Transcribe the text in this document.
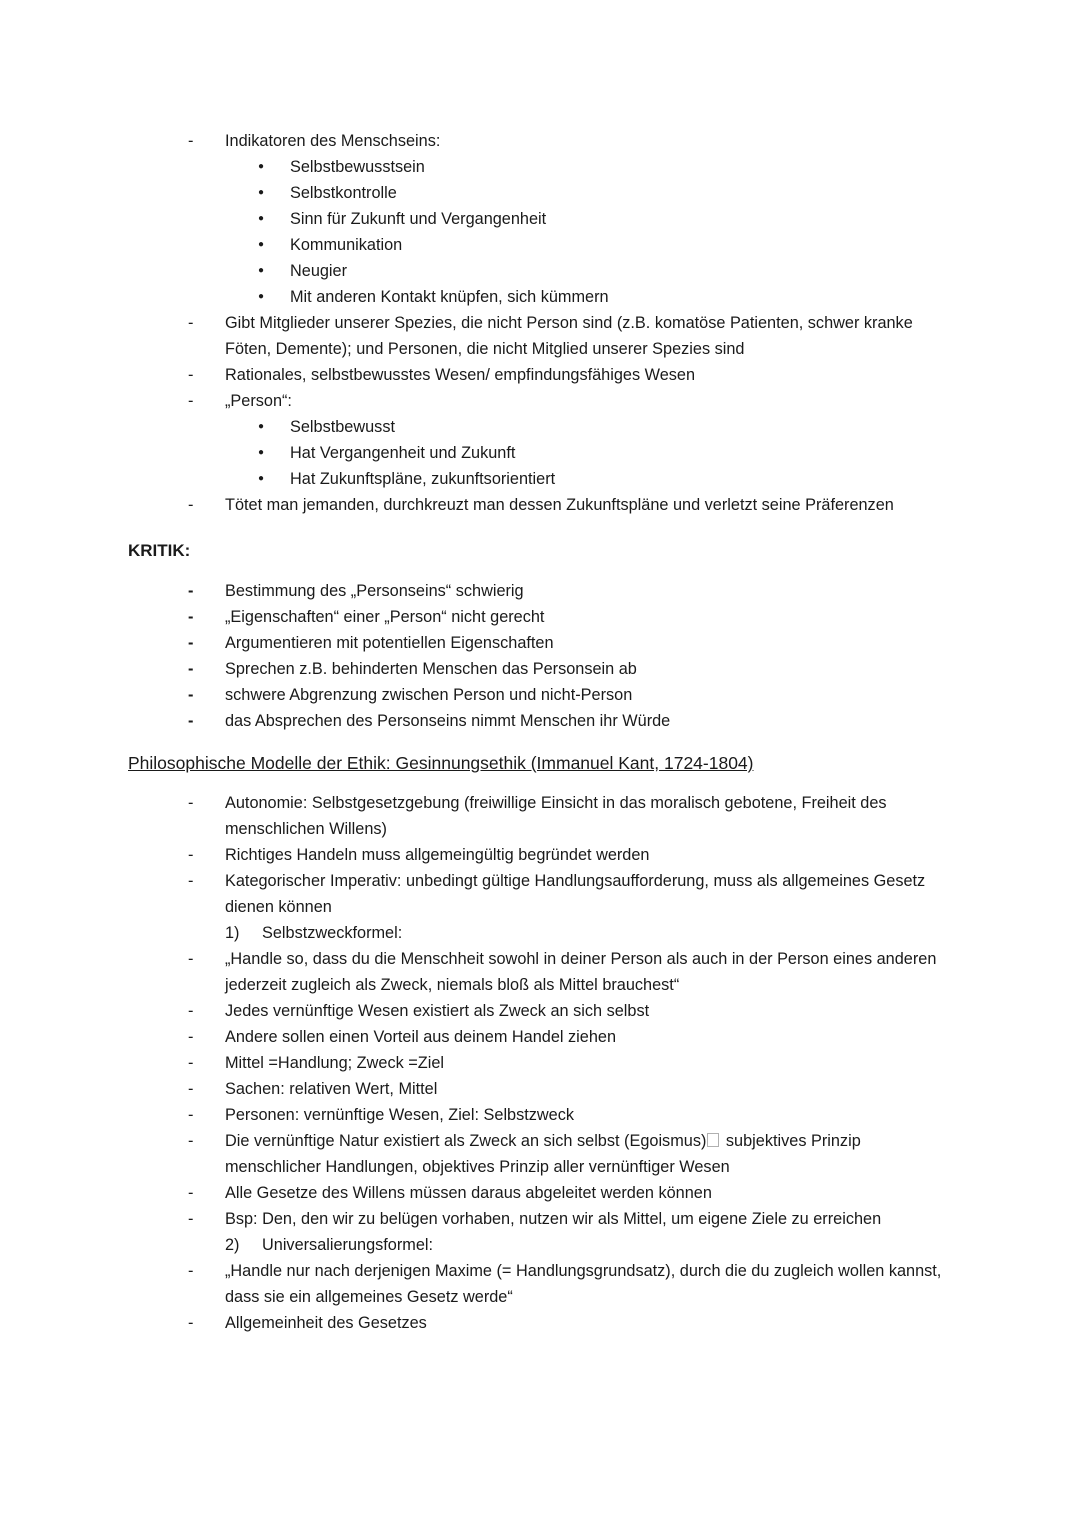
-	Indikatoren des Menschseins:
●	Selbstbewusstsein
●	Selbstkontrolle
●	Sinn für Zukunft und Vergangenheit
●	Kommunikation
●	Neugier
●	Mit anderen Kontakt knüpfen, sich kümmern
-	Gibt Mitglieder unserer Spezies, die nicht Person sind (z.B. komatöse Patienten, schwer kranke Föten, Demente); und Personen, die nicht Mitglied unserer Spezies sind
-	Rationales, selbstbewusstes Wesen/ empfindungsfähiges Wesen
-	„Person“:
●	Selbstbewusst
●	Hat Vergangenheit und Zukunft
●	Hat Zukunftspläne, zukunftsorientiert
-	Tötet man jemanden, durchkreuzt man dessen Zukunftspläne und verletzt seine Präferenzen
KRITIK:
-	Bestimmung des „Personseins“ schwierig
-	„Eigenschaften“ einer „Person“ nicht gerecht
-	Argumentieren mit potentiellen Eigenschaften
-	Sprechen z.B. behinderten Menschen das Personsein ab
-	schwere Abgrenzung zwischen Person und nicht-Person
-	das Absprechen des Personseins nimmt Menschen ihr Würde
Philosophische Modelle der Ethik: Gesinnungsethik (Immanuel Kant, 1724-1804)
-	Autonomie: Selbstgesetzgebung (freiwillige Einsicht in das moralisch gebotene, Freiheit des menschlichen Willens)
-	Richtiges Handeln muss allgemeingültig begründet werden
-	Kategorischer Imperativ: unbedingt gültige Handlungsaufforderung, muss als allgemeines Gesetz dienen können
1)	Selbstzweckformel:
-	„Handle so, dass du die Menschheit sowohl in deiner Person als auch in der Person eines anderen jederzeit zugleich als Zweck, niemals bloß als Mittel brauchest“
-	Jedes vernünftige Wesen existiert als Zweck an sich selbst
-	Andere sollen einen Vorteil aus deinem Handel ziehen
-	Mittel =Handlung; Zweck =Ziel
-	Sachen: relativen Wert, Mittel
-	Personen: vernünftige Wesen, Ziel: Selbstzweck
-	Die vernünftige Natur existiert als Zweck an sich selbst (Egoismus) subjektives Prinzip menschlicher Handlungen, objektives Prinzip aller vernünftiger Wesen
-	Alle Gesetze des Willens müssen daraus abgeleitet werden können
-	Bsp: Den, den wir zu belügen vorhaben, nutzen wir als Mittel, um eigene Ziele zu erreichen
2)	Universalierungsformel:
-	„Handle nur nach derjenigen Maxime (= Handlungsgrundsatz), durch die du zugleich wollen kannst, dass sie ein allgemeines Gesetz werde“
-	Allgemeinheit des Gesetzes
